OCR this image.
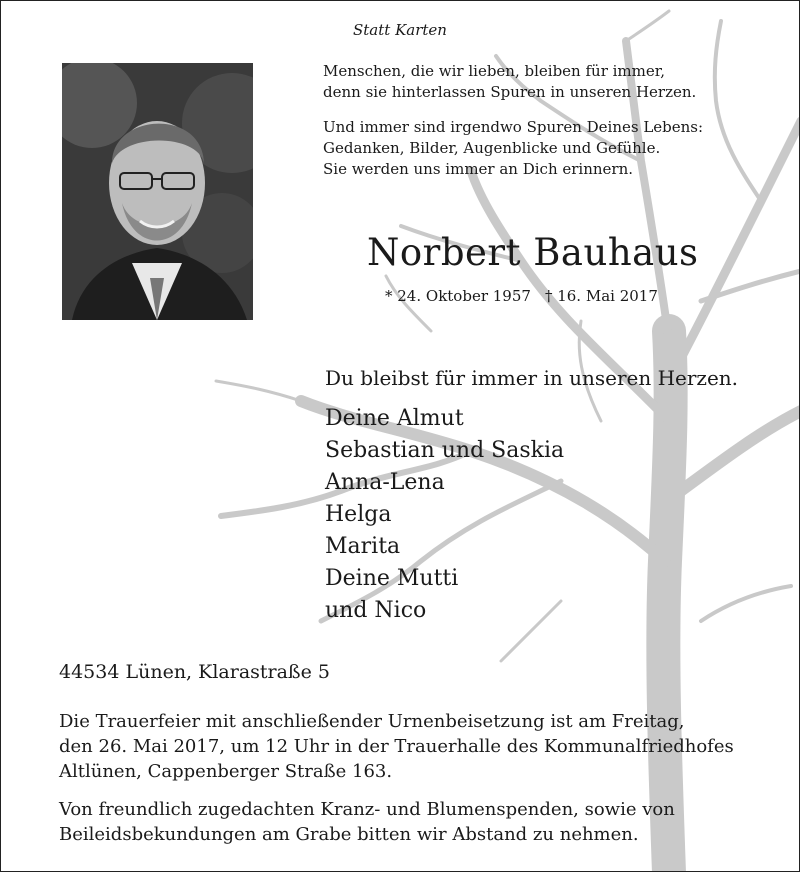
Statt Karten
Menschen, die wir lieben, bleiben für immer,
denn sie hinterlassen Spuren in unseren Herzen.
Und immer sind irgendwo Spuren Deines Lebens:
Gedanken, Bilder, Augenblicke und Gefühle.
Sie werden uns immer an Dich erinnern.
Norbert Bauhaus
* 24. Oktober 1957 † 16. Mai 2017
Du bleibst für immer in unseren Herzen.
Deine Almut
Sebastian und Saskia
Anna-Lena
Helga
Marita
Deine Mutti
und Nico
44534 Lünen, Klarastraße 5
Die Trauerfeier mit anschließender Urnenbeisetzung ist am Freitag,
den 26. Mai 2017, um 12 Uhr in der Trauerhalle des Kommunalfriedhofes
Altlünen, Cappenberger Straße 163.
Von freundlich zugedachten Kranz- und Blumenspenden, sowie von
Beileidsbekundungen am Grabe bitten wir Abstand zu nehmen.
